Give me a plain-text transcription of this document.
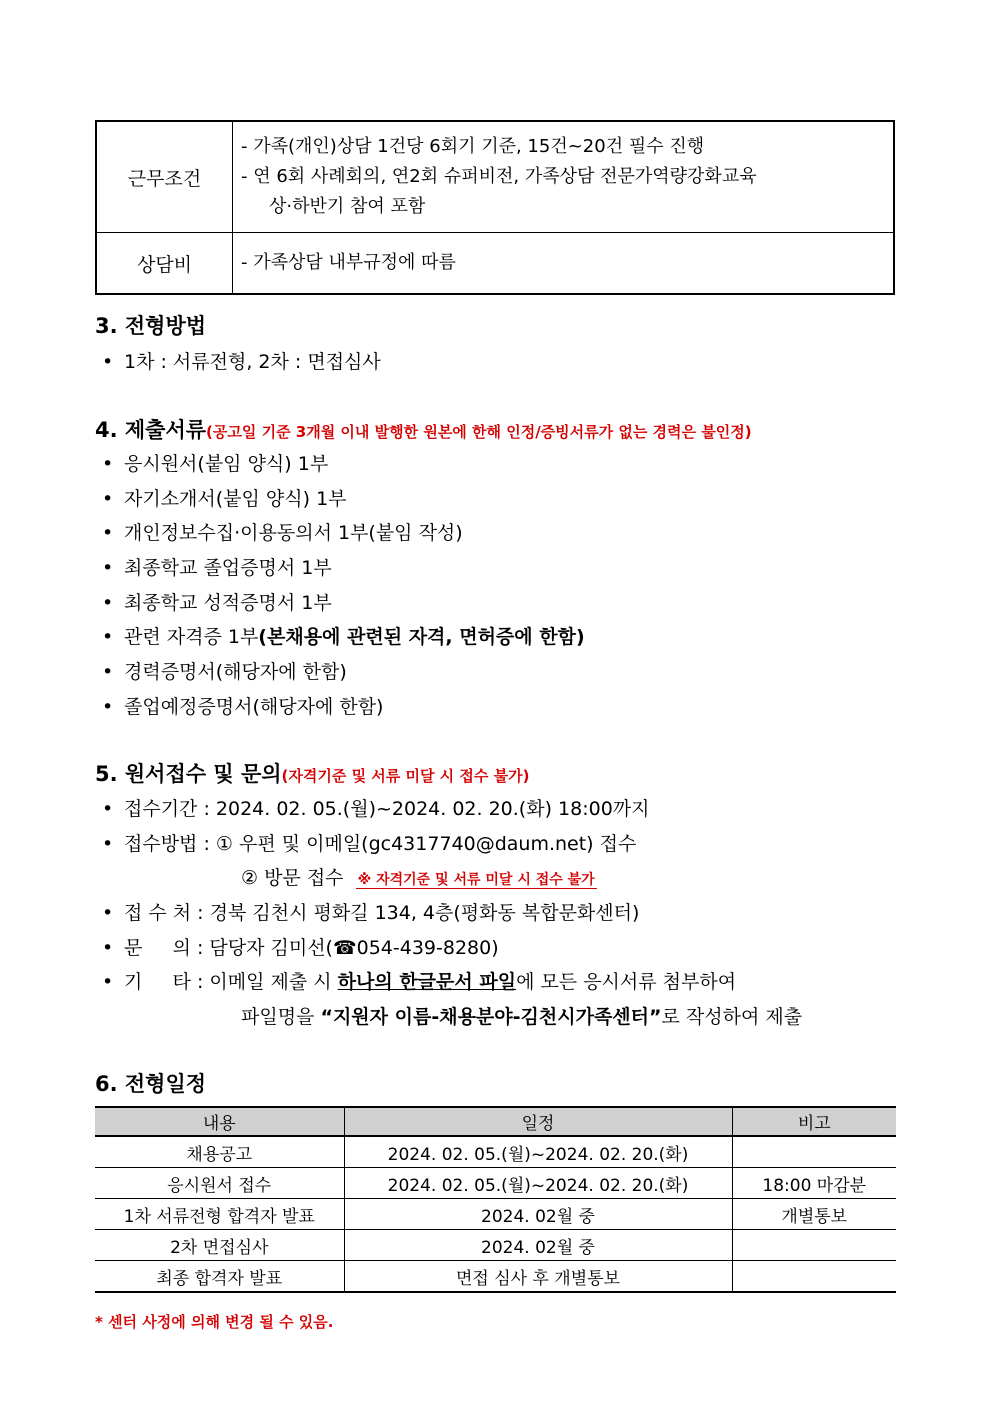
근무조건	- 가족(개인)상담 1건당 6회기 기준, 15건~20건 필수 진행
- 연 6회 사례회의, 연2회 슈퍼비전, 가족상담 전문가역량강화교육
상·하반기 참여 포함

상담비	- 가족상담 내부규정에 따름
3. 전형방법
• 1차 : 서류전형, 2차 : 면접심사
4. 제출서류(공고일 기준 3개월 이내 발행한 원본에 한해 인정/증빙서류가 없는 경력은 불인정)
• 응시원서(붙임 양식) 1부
• 자기소개서(붙임 양식) 1부
• 개인정보수집·이용동의서 1부(붙임 작성)
• 최종학교 졸업증명서 1부
• 최종학교 성적증명서 1부
• 관련 자격증 1부(본채용에 관련된 자격, 면허증에 한함)
• 경력증명서(해당자에 한함)
• 졸업예정증명서(해당자에 한함)
5. 원서접수 및 문의(자격기준 및 서류 미달 시 접수 불가)
• 접수기간 : 2024. 02. 05.(월)~2024. 02. 20.(화) 18:00까지
• 접수방법 : ① 우편 및 이메일(gc4317740@daum.net) 접수
② 방문 접수 ※ 자격기준 및 서류 미달 시 접수 불가
• 접 수 처 : 경북 김천시 평화길 134, 4층(평화동 복합문화센터)
• 문     의 : 담당자 김미선(☎054-439-8280)
• 기     타 : 이메일 제출 시 하나의 한글문서 파일에 모든 응시서류 첨부하여
파일명을 “지원자 이름-채용분야-김천시가족센터”로 작성하여 제출
6. 전형일정
내용	일정	비고
채용공고	2024. 02. 05.(월)~2024. 02. 20.(화)	
응시원서 접수	2024. 02. 05.(월)~2024. 02. 20.(화)	18:00 마감분
1차 서류전형 합격자 발표	2024. 02월 중	개별통보
2차 면접심사	2024. 02월 중	
최종 합격자 발표	면접 심사 후 개별통보	
* 센터 사정에 의해 변경 될 수 있음.
